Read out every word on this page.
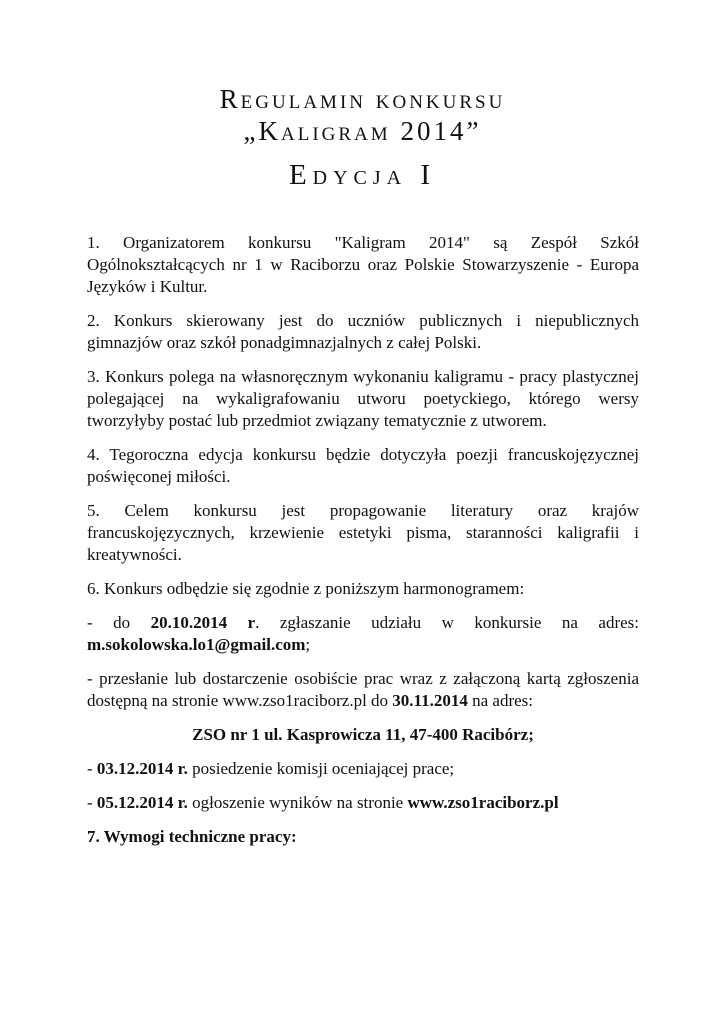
Regulamin konkursu
„Kaligram 2014”
Edycja I

1. Organizatorem konkursu "Kaligram 2014" są Zespół Szkół Ogólnokształcących nr 1 w Raciborzu oraz Polskie Stowarzyszenie - Europa Języków i Kultur.

2. Konkurs skierowany jest do uczniów publicznych i niepublicznych gimnazjów oraz szkół ponadgimnazjalnych z całej Polski.

3. Konkurs polega na własnoręcznym wykonaniu kaligramu - pracy plastycznej polegającej na wykaligrafowaniu utworu poetyckiego, którego wersy tworzyłyby postać lub przedmiot związany tematycznie z utworem.

4. Tegoroczna edycja konkursu będzie dotyczyła poezji francuskojęzycznej poświęconej miłości.

5. Celem konkursu jest propagowanie literatury oraz krajów francuskojęzycznych, krzewienie estetyki pisma, staranności kaligrafii i kreatywności.

6. Konkurs odbędzie się zgodnie z poniższym harmonogramem:

- do 20.10.2014 r. zgłaszanie udziału w konkursie na adres: m.sokolowska.lo1@gmail.com;

- przesłanie lub dostarczenie osobiście prac wraz z załączoną kartą zgłoszenia dostępną na stronie www.zso1raciborz.pl do 30.11.2014 na adres:

ZSO nr 1 ul. Kasprowicza 11, 47-400 Racibórz;

- 03.12.2014 r. posiedzenie komisji oceniającej prace;

- 05.12.2014 r. ogłoszenie wyników na stronie www.zso1raciborz.pl

7. Wymogi techniczne pracy:
